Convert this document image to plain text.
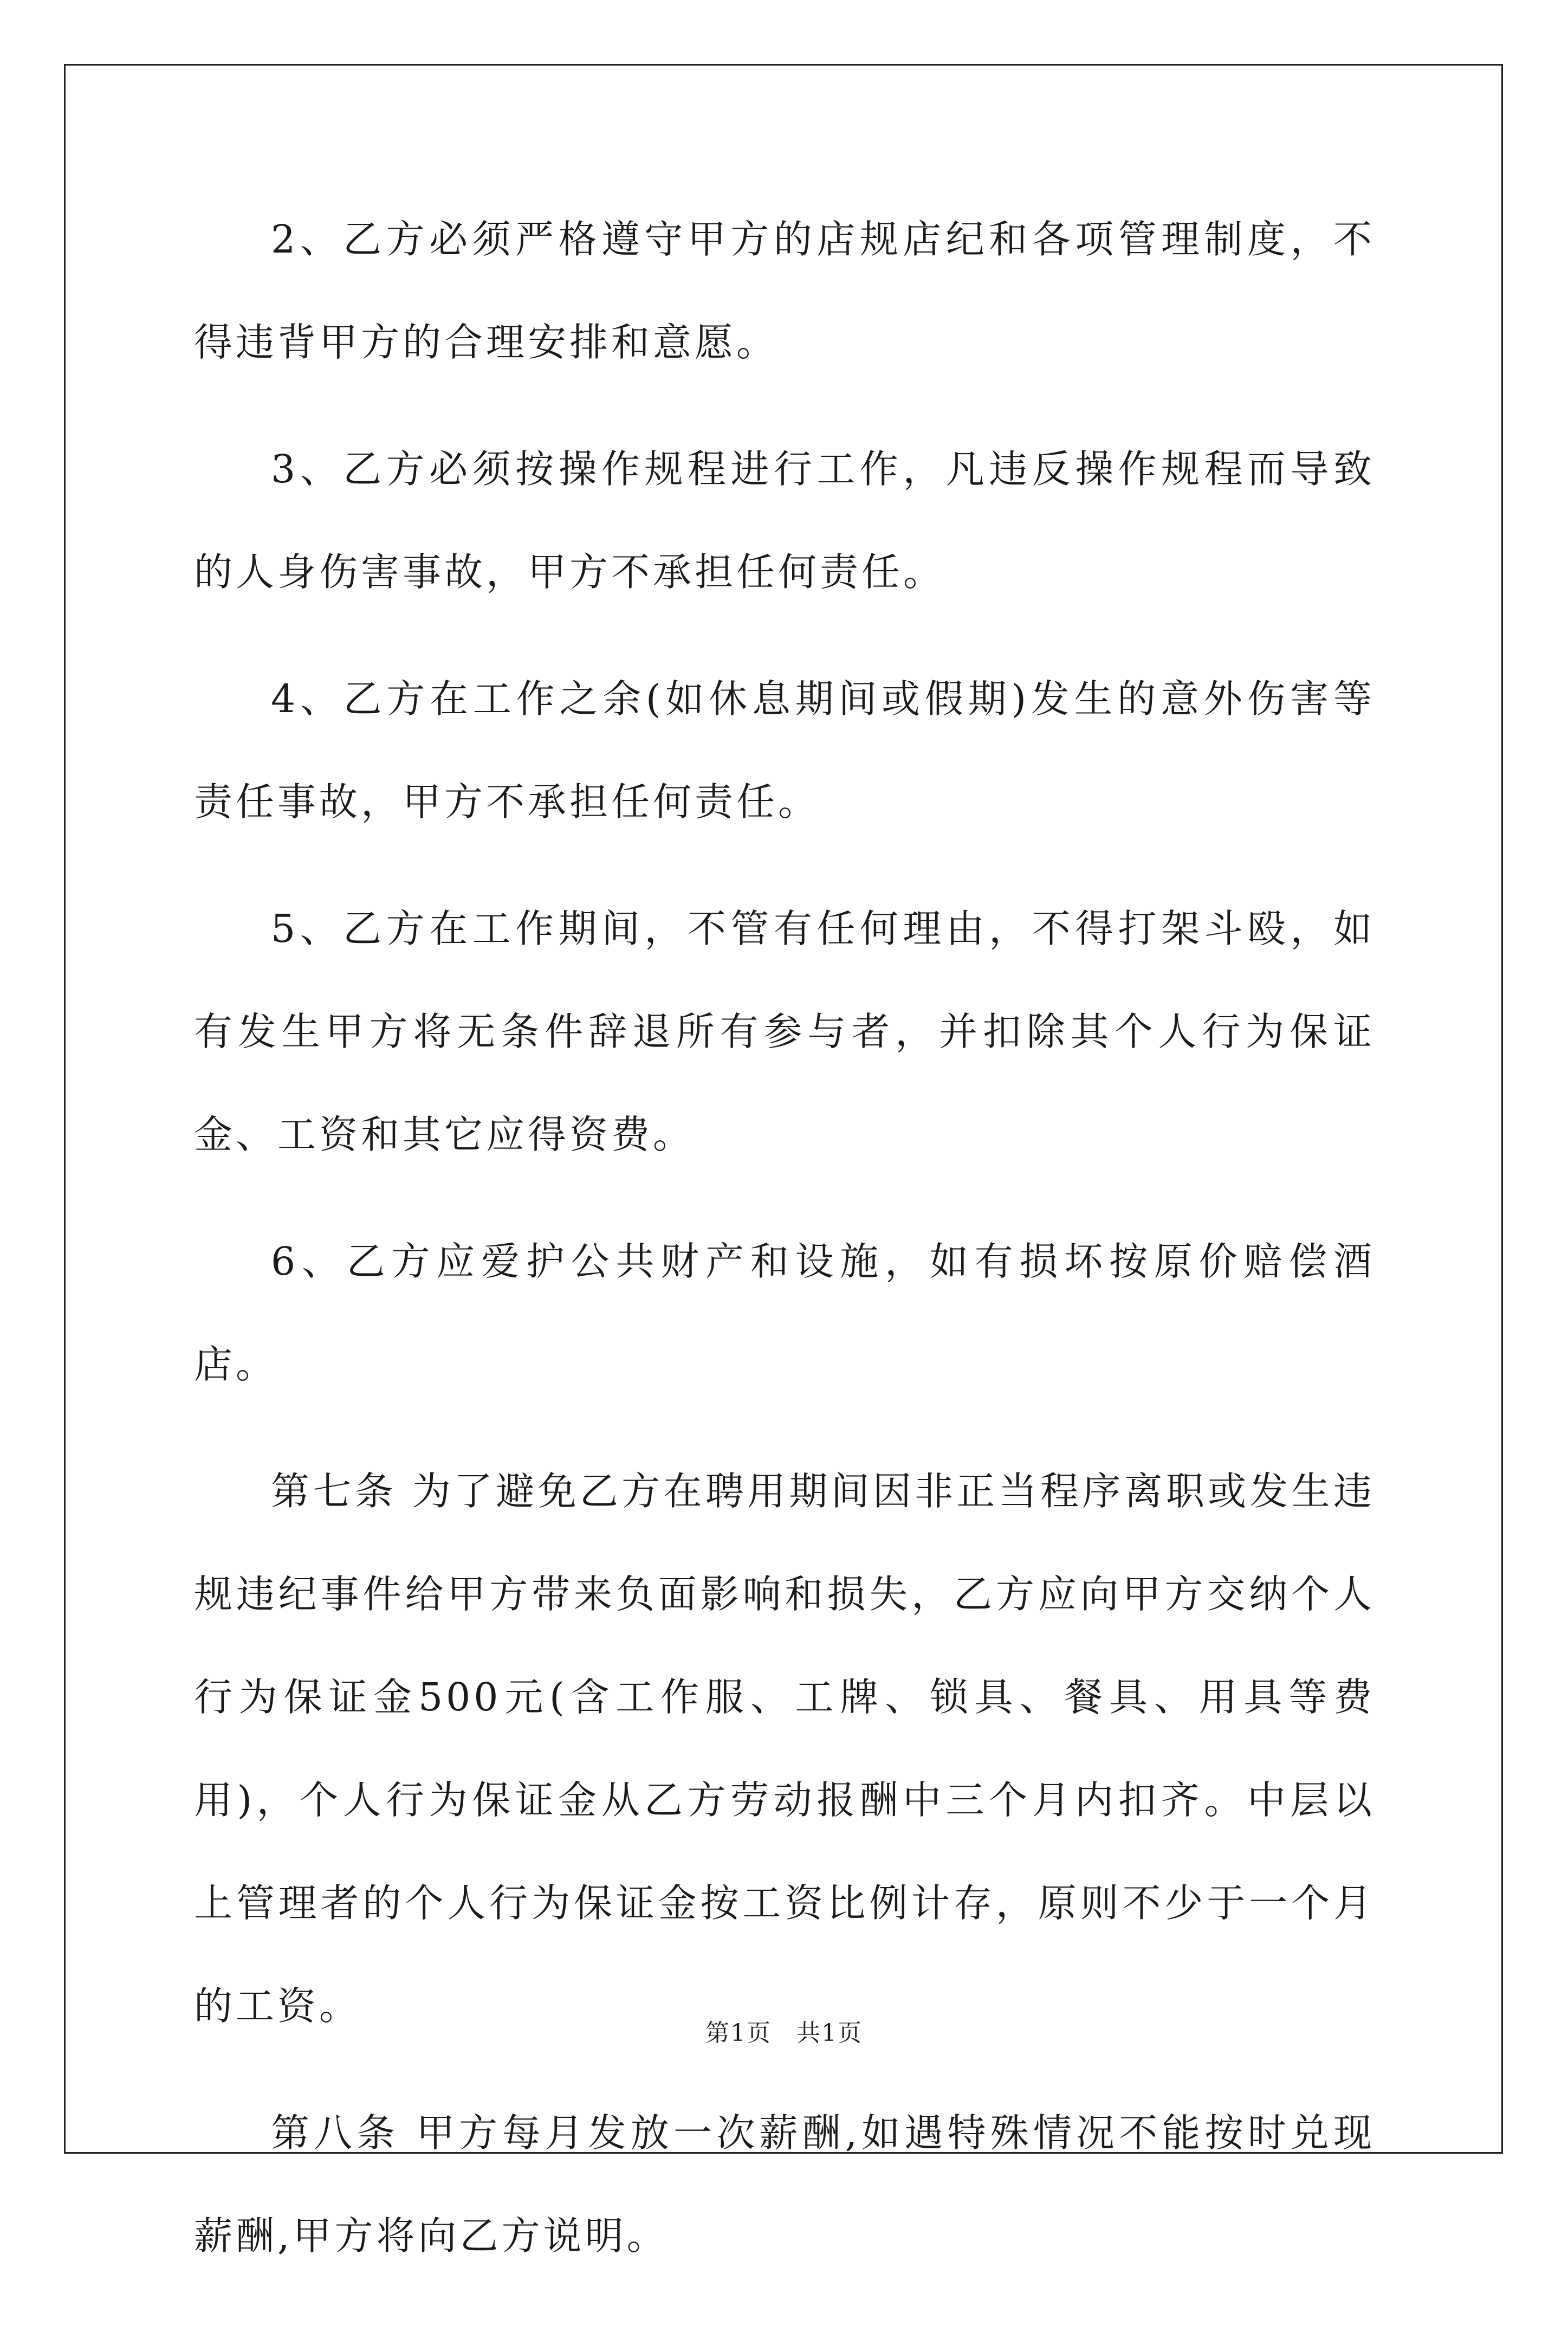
2、乙方必须严格遵守甲方的店规店纪和各项管理制度，不得违背甲方的合理安排和意愿。

3、乙方必须按操作规程进行工作，凡违反操作规程而导致的人身伤害事故，甲方不承担任何责任。

4、乙方在工作之余(如休息期间或假期)发生的意外伤害等责任事故，甲方不承担任何责任。

5、乙方在工作期间，不管有任何理由，不得打架斗殴，如有发生甲方将无条件辞退所有参与者，并扣除其个人行为保证金、工资和其它应得资费。

6、乙方应爱护公共财产和设施，如有损坏按原价赔偿酒店。

第七条 为了避免乙方在聘用期间因非正当程序离职或发生违规违纪事件给甲方带来负面影响和损失，乙方应向甲方交纳个人行为保证金500元(含工作服、工牌、锁具、餐具、用具等费用)，个人行为保证金从乙方劳动报酬中三个月内扣齐。中层以上管理者的个人行为保证金按工资比例计存，原则不少于一个月的工资。

第八条 甲方每月发放一次薪酬,如遇特殊情况不能按时兑现薪酬,甲方将向乙方说明。

第1页　共1页
